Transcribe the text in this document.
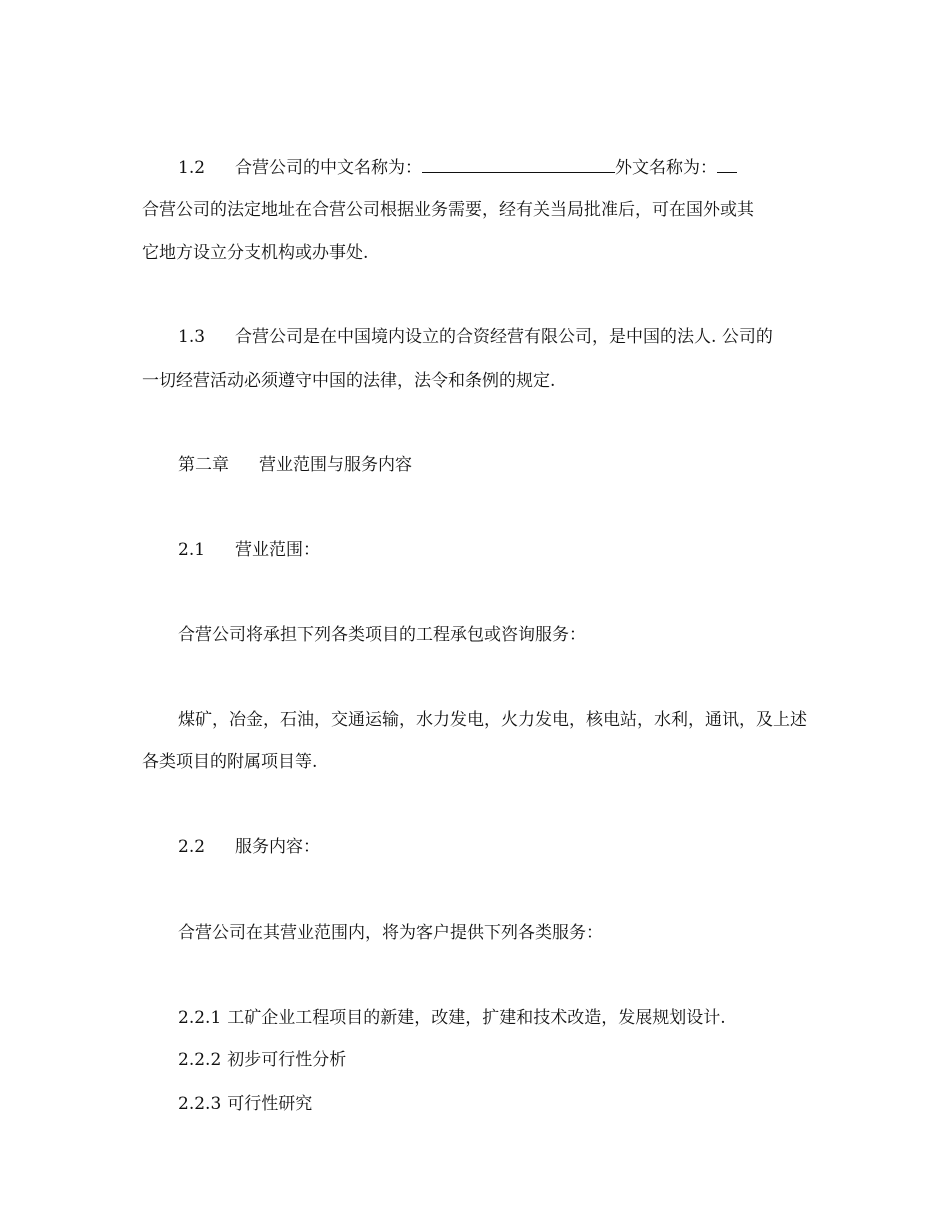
1.2 合营公司的中文名称为：	外文名称为：
合营公司的法定地址在合营公司根据业务需要，经有关当局批准后，可在国外或其
它地方设立分支机构或办事处.
1.3 合营公司是在中国境内设立的合资经营有限公司，是中国的法人. 公司的
一切经营活动必须遵守中国的法律，法令和条例的规定.
第二章 营业范围与服务内容
2.1 营业范围：
合营公司将承担下列各类项目的工程承包或咨询服务：
煤矿，冶金，石油，交通运输，水力发电，火力发电，核电站，水利，通讯，及上述
各类项目的附属项目等.
2.2 服务内容：
合营公司在其营业范围内，将为客户提供下列各类服务：
2.2.1 工矿企业工程项目的新建，改建，扩建和技术改造，发展规划设计.
2.2.2 初步可行性分析
2.2.3 可行性研究
